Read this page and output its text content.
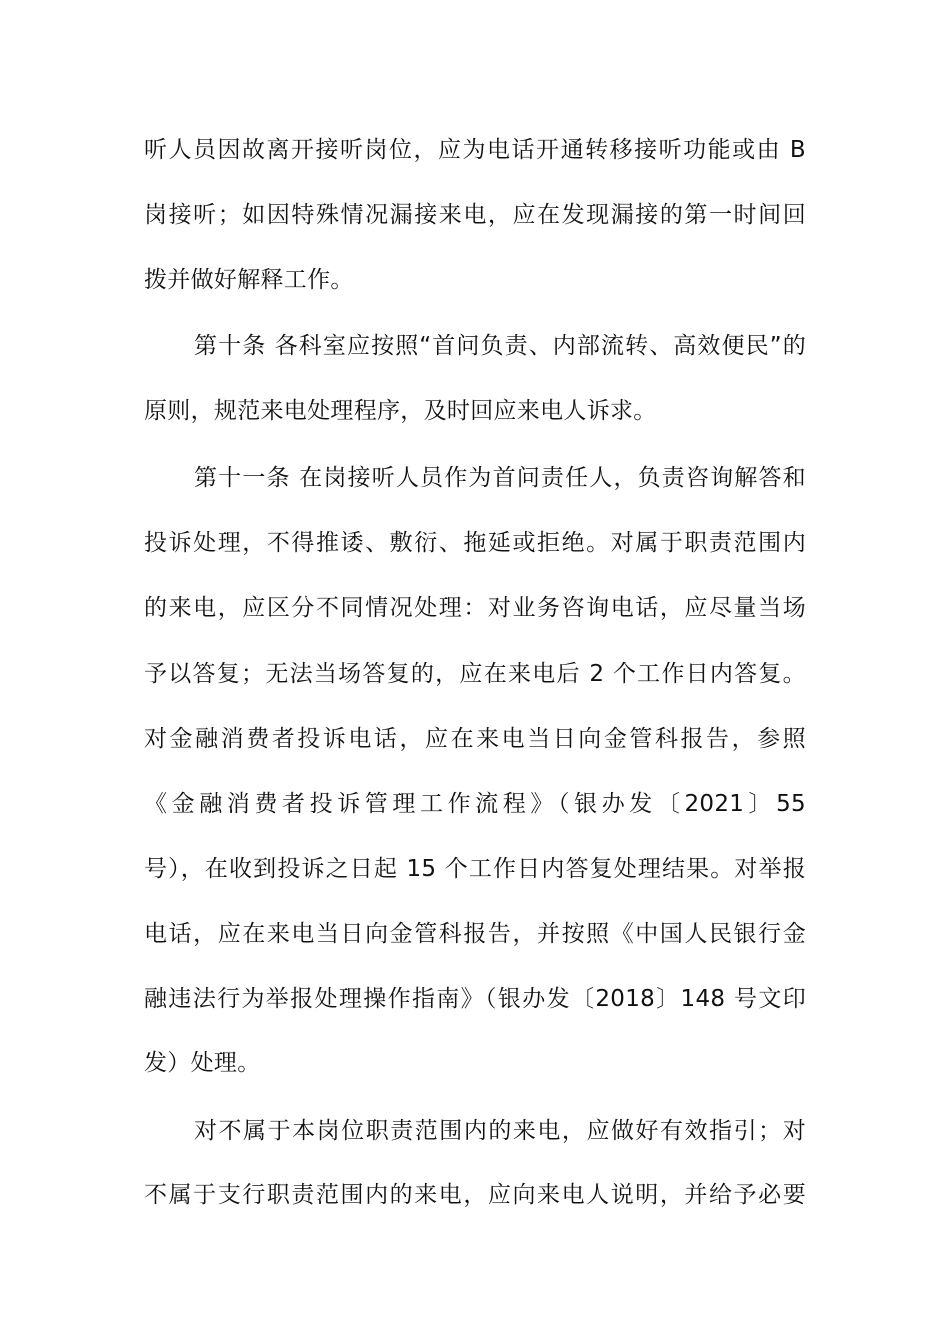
听人员因故离开接听岗位，应为电话开通转移接听功能或由 B
岗接听；如因特殊情况漏接来电，应在发现漏接的第一时间回
拨并做好解释工作。
第十条 各科室应按照“首问负责、内部流转、高效便民”的
原则，规范来电处理程序，及时回应来电人诉求。
第十一条 在岗接听人员作为首问责任人，负责咨询解答和
投诉处理，不得推诿、敷衍、拖延或拒绝。对属于职责范围内
的来电，应区分不同情况处理：对业务咨询电话，应尽量当场
予以答复；无法当场答复的，应在来电后 2 个工作日内答复。
对金融消费者投诉电话，应在来电当日向金管科报告，参照
《金融消费者投诉管理工作流程》（银办发〔2021〕55
号），在收到投诉之日起 15 个工作日内答复处理结果。对举报
电话，应在来电当日向金管科报告，并按照《中国人民银行金
融违法行为举报处理操作指南》（银办发〔2018〕148 号文印
发）处理。
对不属于本岗位职责范围内的来电，应做好有效指引；对
不属于支行职责范围内的来电，应向来电人说明，并给予必要
